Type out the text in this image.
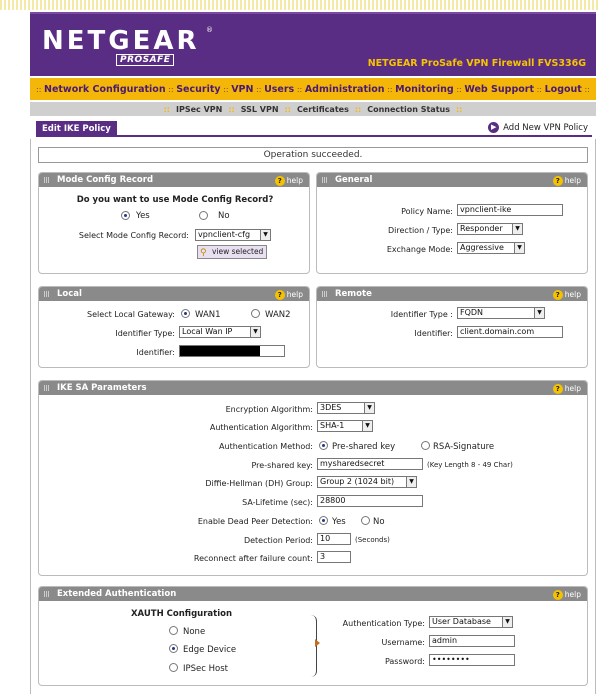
NETGEAR ®
PROSAFE	NETGEAR ProSafe VPN Firewall FVS336G
:: Network Configuration :: Security :: VPN :: Users :: Administration :: Monitoring :: Web Support :: Logout ::
:: IPSec VPN :: SSL VPN :: Certificates :: Connection Status ::
Edit IKE Policy	▶ Add New VPN Policy
Operation succeeded.
Mode Config Record	? help
Do you want to use Mode Config Record?
Yes	No
Select Mode Config Record:	vpnclient-cfg	▼
⚲ view selected
General	? help
Policy Name: vpnclient-ike
Direction / Type: Responder	▼
Exchange Mode: Aggressive	▼
Local	? help
Select Local Gateway: WAN1	WAN2
Identifier Type: Local Wan IP	▼
Identifier:
Remote	? help
Identifier Type : FQDN	▼
Identifier: client.domain.com
IKE SA Parameters	? help
Encryption Algorithm: 3DES	▼
Authentication Algorithm: SHA-1	▼
Authentication Method: Pre-shared key	RSA-Signature
Pre-shared key: mysharedsecret	(Key Length 8 - 49 Char)
Diffie-Hellman (DH) Group: Group 2 (1024 bit)	▼
SA-Lifetime (sec): 28800
Enable Dead Peer Detection: Yes	No
Detection Period: 10	(Seconds)
Reconnect after failure count: 3
Extended Authentication	? help
XAUTH Configuration
None
Edge Device
IPSec Host
Authentication Type: User Database	▼
Username: admin
Password: ••••••••
